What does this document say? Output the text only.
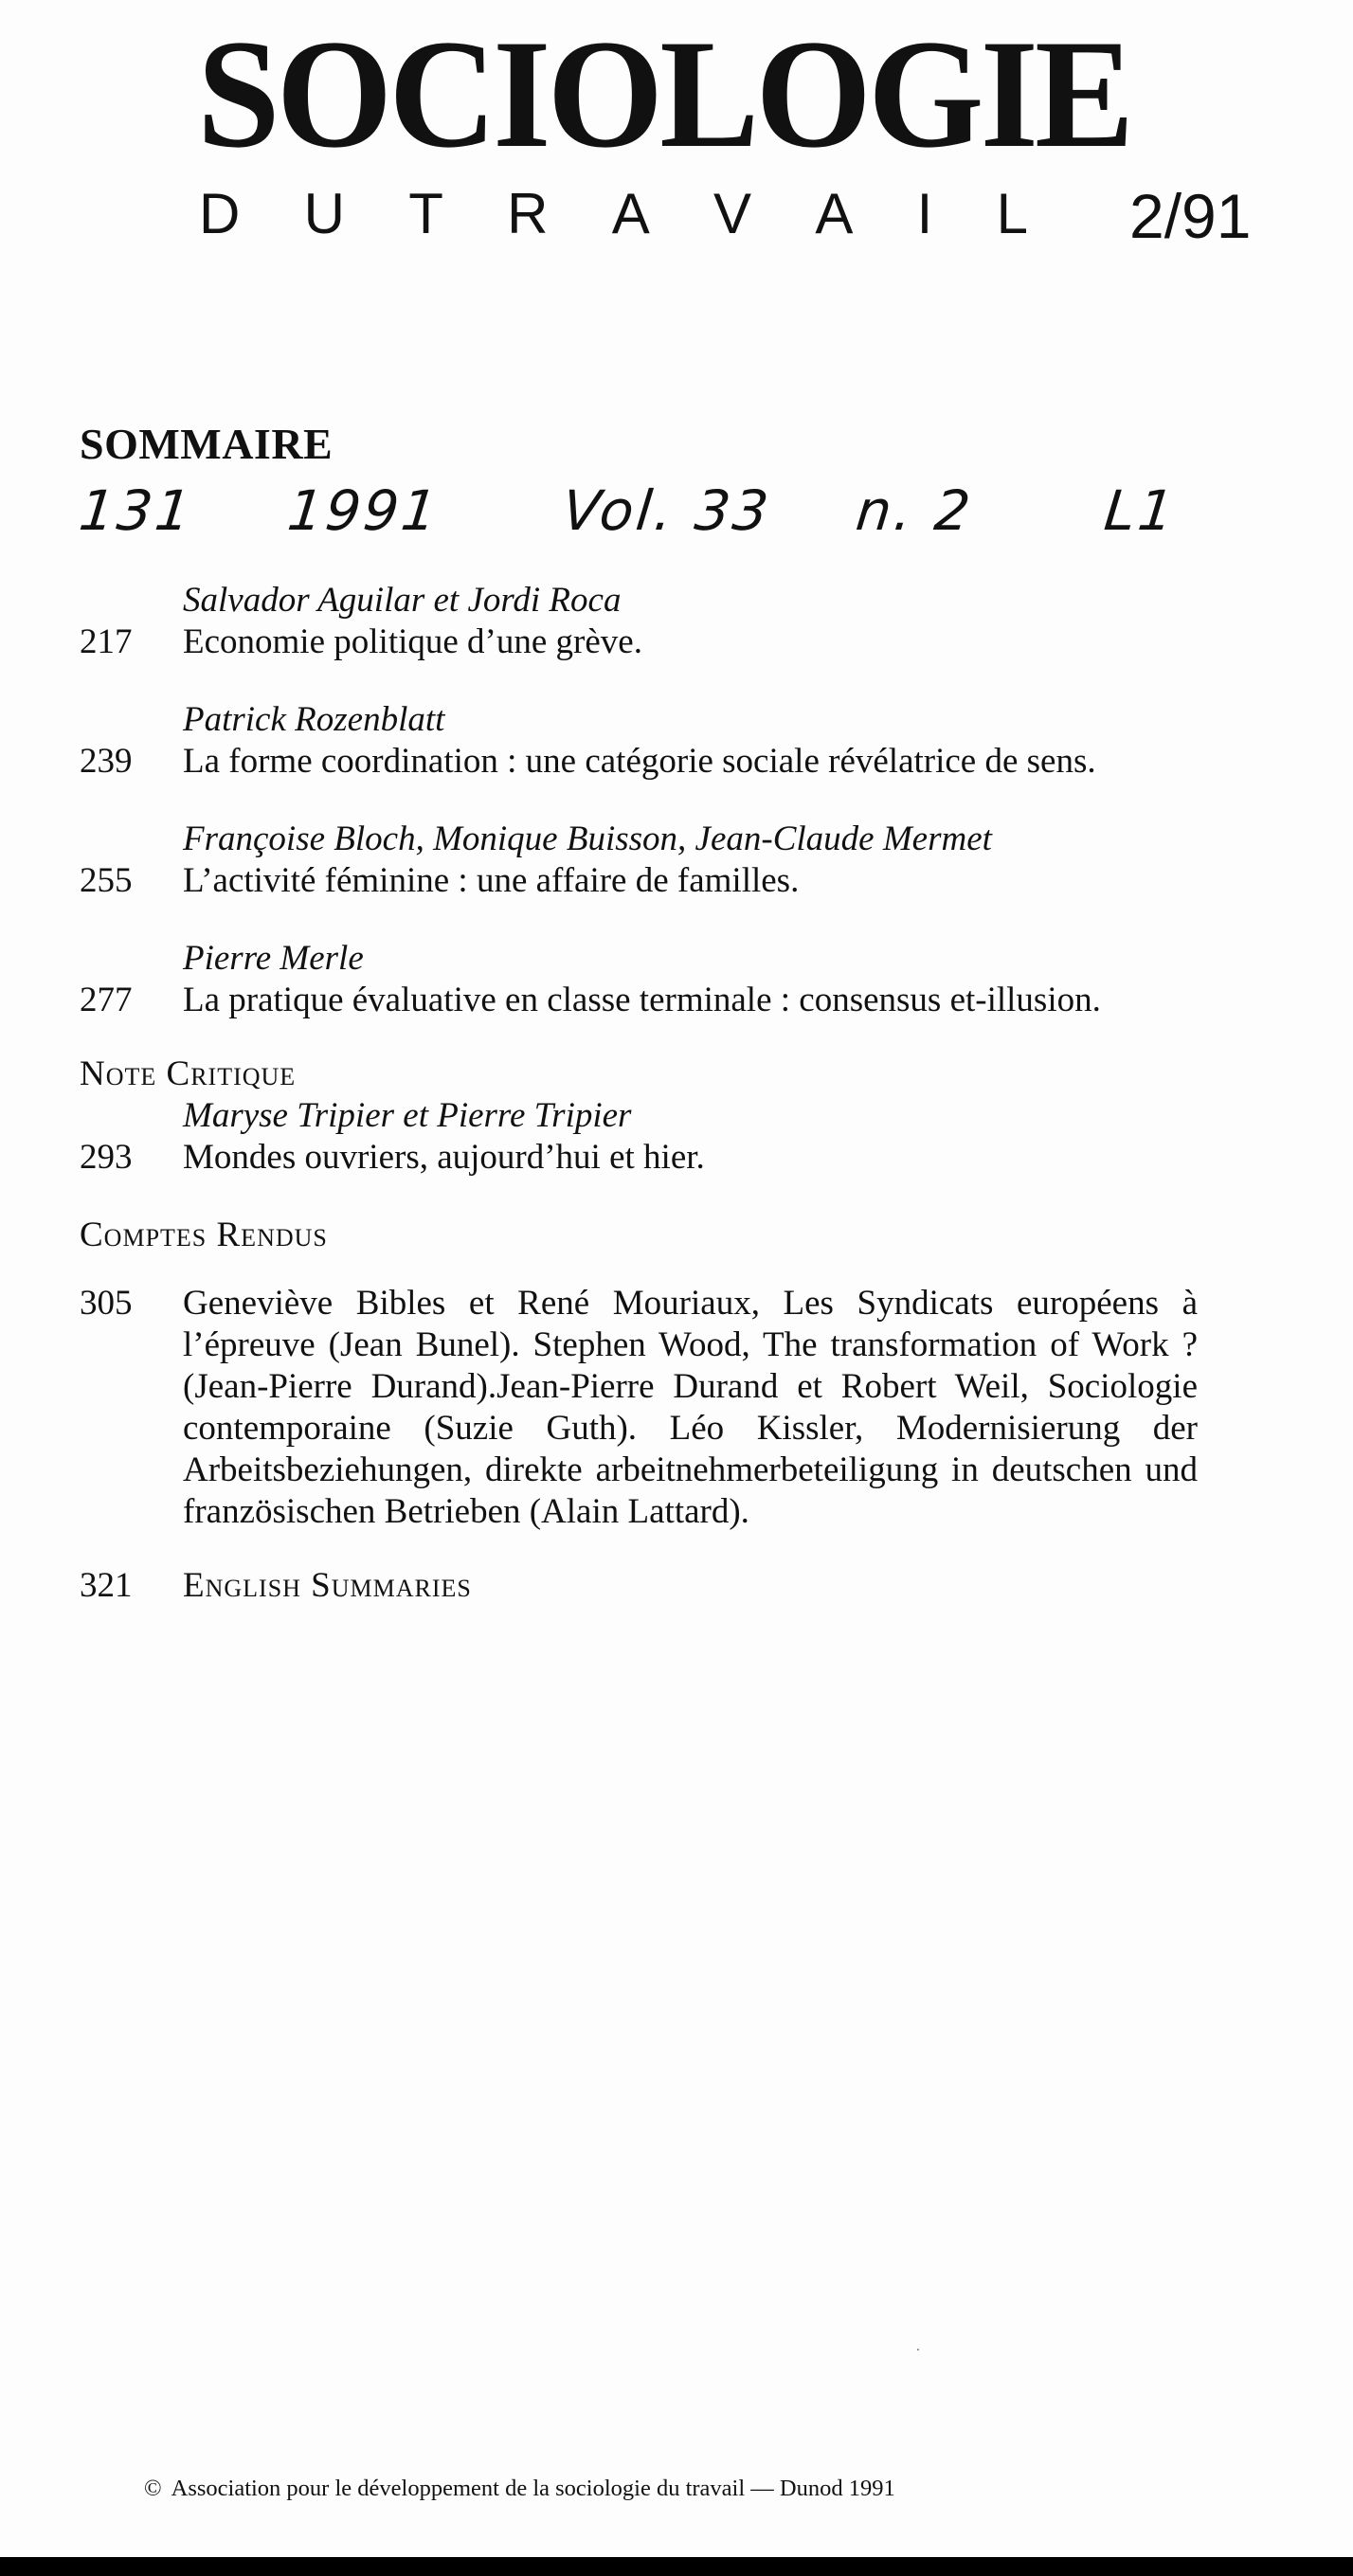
SOCIOLOGIE
D U T R A V A I L 2/91
SOMMAIRE
131 1991 Vol. 33 n. 2 L1
Salvador Aguilar et Jordi Roca
217	Economie politique d’une grève.
Patrick Rozenblatt
239	La forme coordination : une catégorie sociale révélatrice de sens.
Françoise Bloch, Monique Buisson, Jean-Claude Mermet
255	L’activité féminine : une affaire de familles.
Pierre Merle
277	La pratique évaluative en classe terminale : consensus et-illusion.
Note Critique
Maryse Tripier et Pierre Tripier
293	Mondes ouvriers, aujourd’hui et hier.
Comptes Rendus
305	Geneviève Bibles et René Mouriaux, Les Syndicats européens à l’épreuve (Jean Bunel). Stephen Wood, The transformation of Work ? (Jean-Pierre Durand).Jean-Pierre Durand et Robert Weil, Sociologie contemporaine (Suzie Guth). Léo Kissler, Modernisierung der Arbeitsbeziehungen, direkte arbeitnehmerbeteiligung in deutschen und französischen Betrieben (Alain Lattard).
321	English Summaries
·
© Association pour le développement de la sociologie du travail — Dunod 1991
